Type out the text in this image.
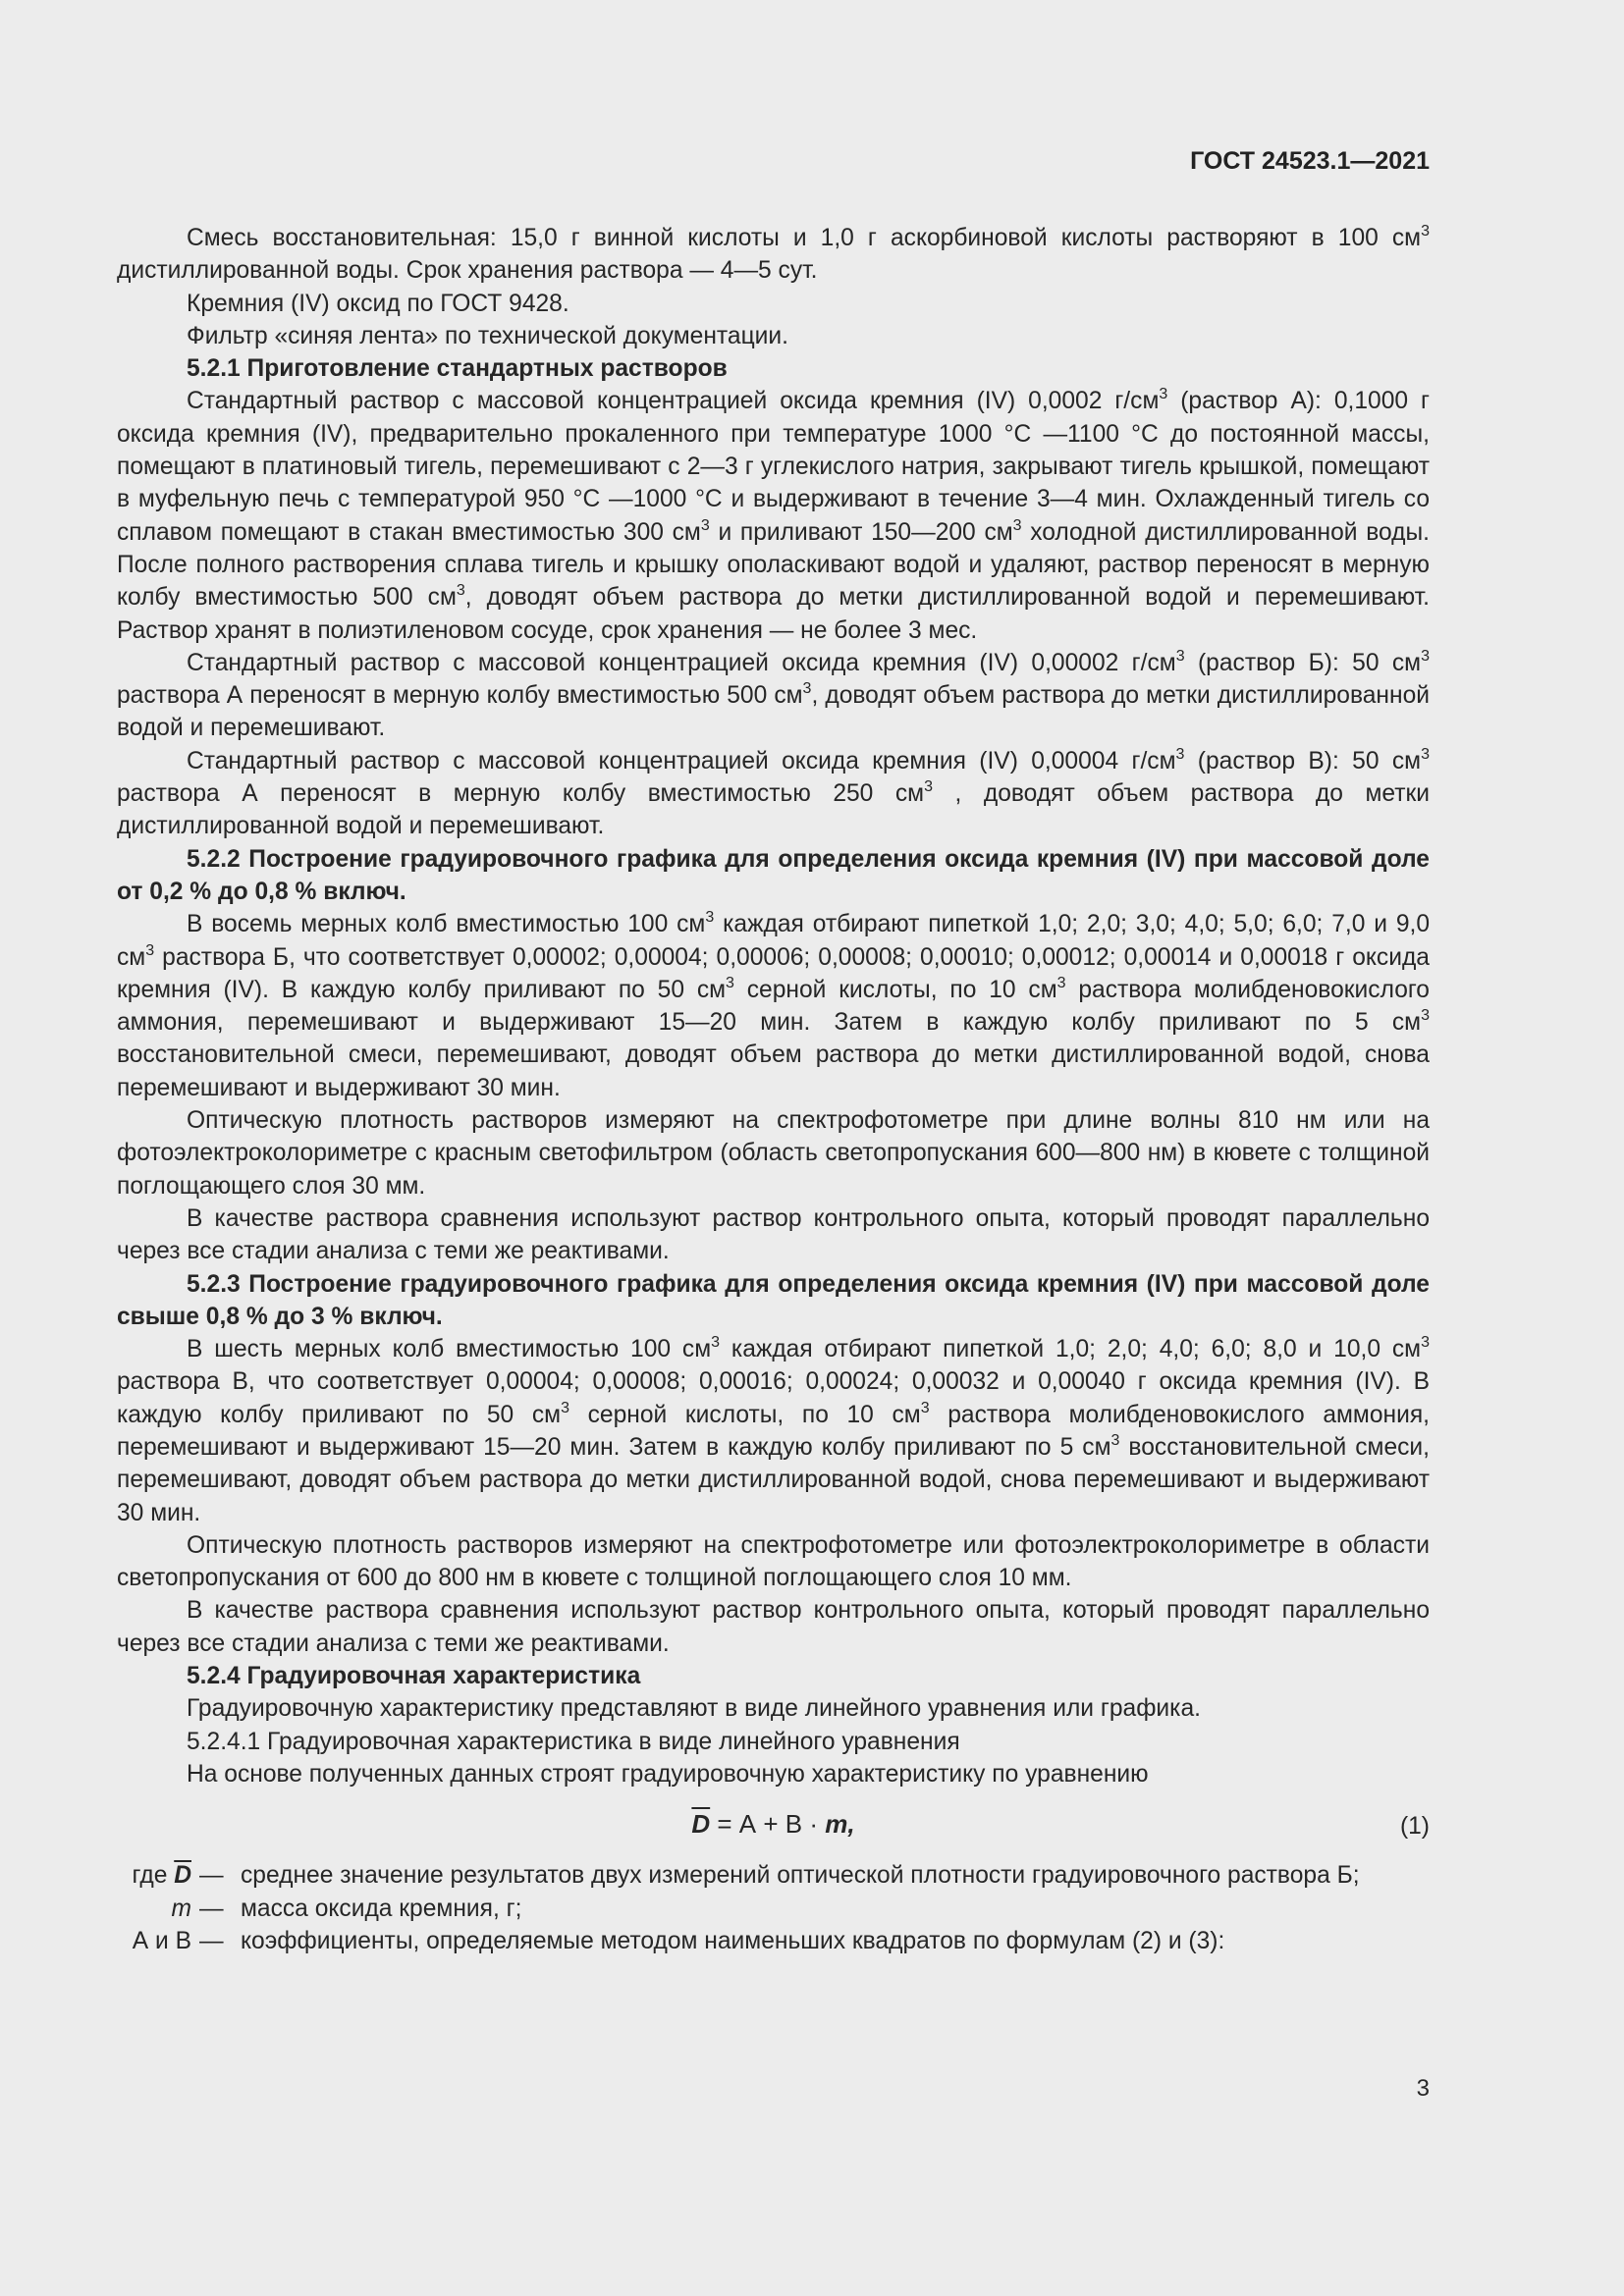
ГОСТ 24523.1—2021

Смесь восстановительная: 15,0 г винной кислоты и 1,0 г аскорбиновой кислоты растворяют в 100 $см^3$ дистиллированной воды. Срок хранения раствора — 4—5 сут.

Кремния (IV) оксид по ГОСТ 9428.

Фильтр «синяя лента» по технической документации.

5.2.1 Приготовление стандартных растворов

Стандартный раствор с массовой концентрацией оксида кремния (IV) 0,0002 $г/см^3$ (раствор А): 0,1000 г оксида кремния (IV), предварительно прокаленного при температуре 1000 °С —1100 °С до постоянной массы, помещают в платиновый тигель, перемешивают с 2—3 г углекислого натрия, закрывают тигель крышкой, помещают в муфельную печь с температурой 950 °С —1000 °С и выдерживают в течение 3—4 мин. Охлажденный тигель со сплавом помещают в стакан вместимостью 300 $см^3$ и приливают 150—200 $см^3$ холодной дистиллированной воды. После полного растворения сплава тигель и крышку ополаскивают водой и удаляют, раствор переносят в мерную колбу вместимостью 500 $см^3$, доводят объем раствора до метки дистиллированной водой и перемешивают. Раствор хранят в полиэтиленовом сосуде, срок хранения — не более 3 мес.

Стандартный раствор с массовой концентрацией оксида кремния (IV) 0,00002 $г/см^3$ (раствор Б): 50 $см^3$ раствора А переносят в мерную колбу вместимостью 500 $см^3$, доводят объем раствора до метки дистиллированной водой и перемешивают.

Стандартный раствор с массовой концентрацией оксида кремния (IV) 0,00004 $г/см^3$ (раствор В): 50 $см^3$ раствора А переносят в мерную колбу вместимостью 250 $см^3$ , доводят объем раствора до метки дистиллированной водой и перемешивают.

5.2.2 Построение градуировочного графика для определения оксида кремния (IV) при массовой доле от 0,2 % до 0,8 % включ.

В восемь мерных колб вместимостью 100 $см^3$ каждая отбирают пипеткой 1,0; 2,0; 3,0; 4,0; 5,0; 6,0; 7,0 и 9,0 $см^3$ раствора Б, что соответствует 0,00002; 0,00004; 0,00006; 0,00008; 0,00010; 0,00012; 0,00014 и 0,00018 г оксида кремния (IV). В каждую колбу приливают по 50 $см^3$ серной кислоты, по 10 $см^3$ раствора молибденовокислого аммония, перемешивают и выдерживают 15—20 мин. Затем в каждую колбу приливают по 5 $см^3$ восстановительной смеси, перемешивают, доводят объем раствора до метки дистиллированной водой, снова перемешивают и выдерживают 30 мин.

Оптическую плотность растворов измеряют на спектрофотометре при длине волны 810 нм или на фотоэлектроколориметре с красным светофильтром (область светопропускания 600—800 нм) в кювете с толщиной поглощающего слоя 30 мм.

В качестве раствора сравнения используют раствор контрольного опыта, который проводят параллельно через все стадии анализа с теми же реактивами.

5.2.3 Построение градуировочного графика для определения оксида кремния (IV) при массовой доле свыше 0,8 % до 3 % включ.

В шесть мерных колб вместимостью 100 $см^3$ каждая отбирают пипеткой 1,0; 2,0; 4,0; 6,0; 8,0 и 10,0 $см^3$ раствора В, что соответствует 0,00004; 0,00008; 0,00016; 0,00024; 0,00032 и 0,00040 г оксида кремния (IV). В каждую колбу приливают по 50 $см^3$ серной кислоты, по 10 $см^3$ раствора молибденовокислого аммония, перемешивают и выдерживают 15—20 мин. Затем в каждую колбу приливают по 5 $см^3$ восстановительной смеси, перемешивают, доводят объем раствора до метки дистиллированной водой, снова перемешивают и выдерживают 30 мин.

Оптическую плотность растворов измеряют на спектрофотометре или фотоэлектроколориметре в области светопропускания от 600 до 800 нм в кювете с толщиной поглощающего слоя 10 мм.

В качестве раствора сравнения используют раствор контрольного опыта, который проводят параллельно через все стадии анализа с теми же реактивами.

5.2.4 Градуировочная характеристика

Градуировочную характеристику представляют в виде линейного уравнения или графика.

5.2.4.1 Градуировочная характеристика в виде линейного уравнения

На основе полученных данных строят градуировочную характеристику по уравнению

$\overline{D} = А + В \cdot m$,	(1)
где $\overline{D}$ — среднее значение результатов двух измерений оптической плотности градуировочного раствора Б;
m — масса оксида кремния, г;
А и В — коэффициенты, определяемые методом наименьших квадратов по формулам (2) и (3):
3
